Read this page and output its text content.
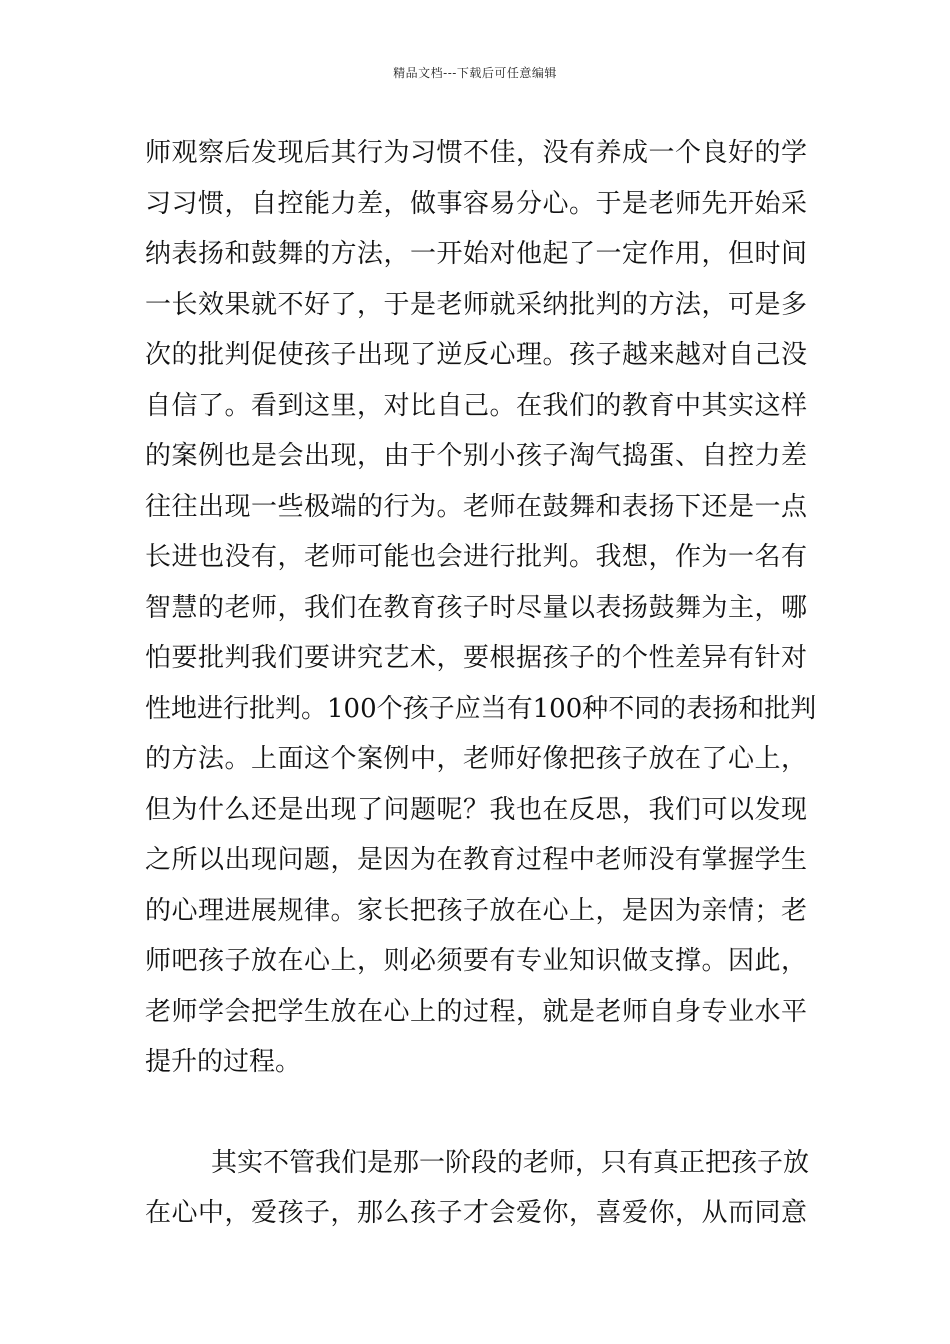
精品文档---下载后可任意编辑
师观察后发现后其行为习惯不佳，没有养成一个良好的学
习习惯，自控能力差，做事容易分心。于是老师先开始采
纳表扬和鼓舞的方法，一开始对他起了一定作用，但时间
一长效果就不好了，于是老师就采纳批判的方法，可是多
次的批判促使孩子出现了逆反心理。孩子越来越对自己没
自信了。看到这里，对比自己。在我们的教育中其实这样
的案例也是会出现，由于个别小孩子淘气捣蛋、自控力差
往往出现一些极端的行为。老师在鼓舞和表扬下还是一点
长进也没有，老师可能也会进行批判。我想，作为一名有
智慧的老师，我们在教育孩子时尽量以表扬鼓舞为主，哪
怕要批判我们要讲究艺术，要根据孩子的个性差异有针对
性地进行批判。100个孩子应当有100种不同的表扬和批判
的方法。上面这个案例中，老师好像把孩子放在了心上，
但为什么还是出现了问题呢？我也在反思，我们可以发现
之所以出现问题，是因为在教育过程中老师没有掌握学生
的心理进展规律。家长把孩子放在心上，是因为亲情；老
师吧孩子放在心上，则必须要有专业知识做支撑。因此，
老师学会把学生放在心上的过程，就是老师自身专业水平
提升的过程。
其实不管我们是那一阶段的老师，只有真正把孩子放
在心中，爱孩子，那么孩子才会爱你，喜爱你，从而同意
